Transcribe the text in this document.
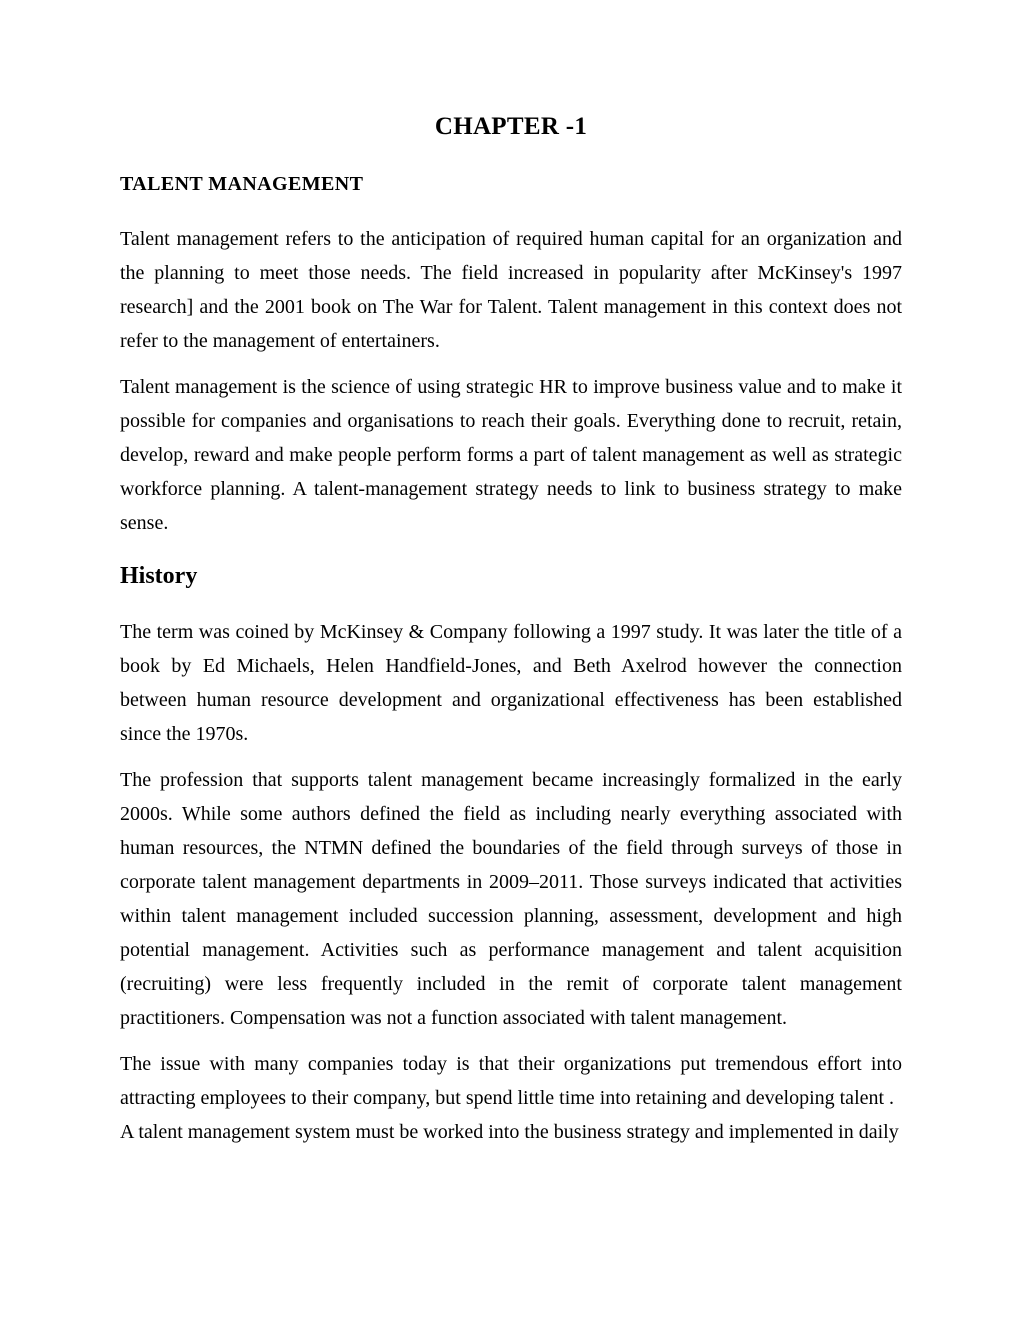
CHAPTER -1
TALENT MANAGEMENT

Talent management refers to the anticipation of required human capital for an organization and the planning to meet those needs. The field increased in popularity after McKinsey's 1997 research] and the 2001 book on The War for Talent. Talent management in this context does not refer to the management of entertainers.

Talent management is the science of using strategic HR to improve business value and to make it possible for companies and organisations to reach their goals. Everything done to recruit, retain, develop, reward and make people perform forms a part of talent management as well as strategic workforce planning. A talent-management strategy needs to link to business strategy to make sense.

History

The term was coined by McKinsey & Company following a 1997 study. It was later the title of a book by Ed Michaels, Helen Handfield-Jones, and Beth Axelrod however the connection between human resource development and organizational effectiveness has been established since the 1970s.

The profession that supports talent management became increasingly formalized in the early 2000s. While some authors defined the field as including nearly everything associated with human resources, the NTMN defined the boundaries of the field through surveys of those in corporate talent management departments in 2009–2011. Those surveys indicated that activities within talent management included succession planning, assessment, development and high potential management. Activities such as performance management and talent acquisition (recruiting) were less frequently included in the remit of corporate talent management practitioners. Compensation was not a function associated with talent management.

The issue with many companies today is that their organizations put tremendous effort into attracting employees to their company, but spend little time into retaining and developing talent .
A talent management system must be worked into the business strategy and implemented in daily
